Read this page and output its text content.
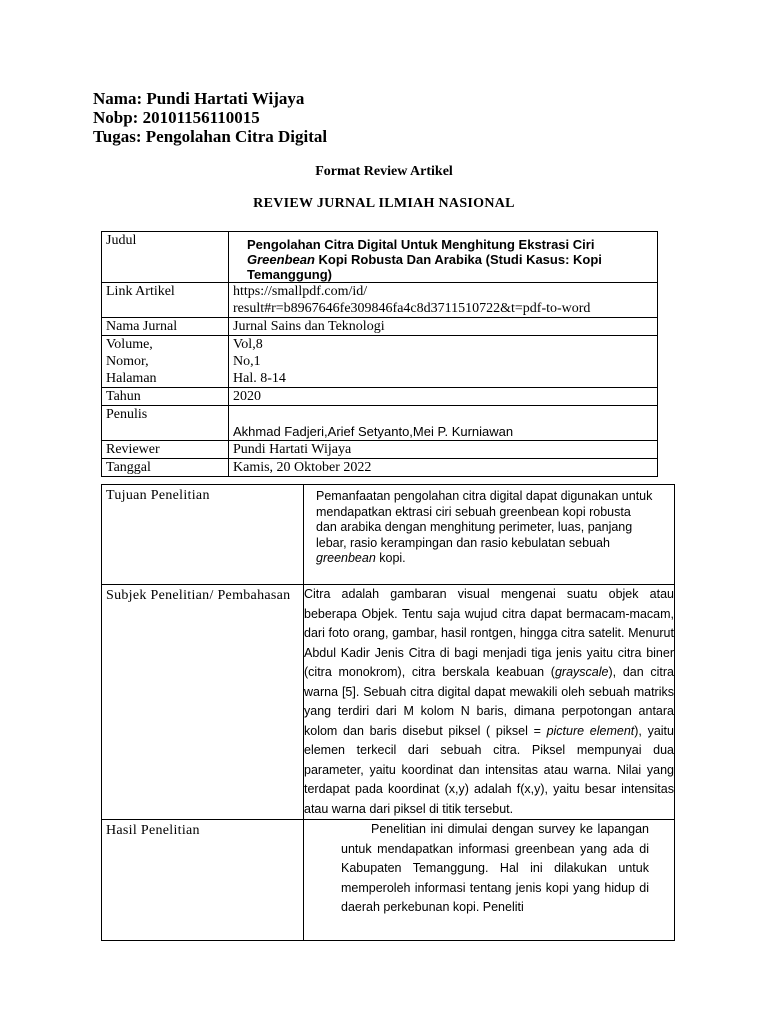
Nama: Pundi Hartati Wijaya
Nobp: 20101156110015
Tugas: Pengolahan Citra Digital
Format Review Artikel
REVIEW JURNAL ILMIAH NASIONAL
Judul	Pengolahan Citra Digital Untuk Menghitung Ekstrasi Ciri
Greenbean Kopi Robusta Dan Arabika (Studi Kasus: Kopi Temanggung)
Link Artikel	https://smallpdf.com/id/
result#r=b8967646fe309846fa4c8d3711510722&t=pdf-to-word
Nama Jurnal	Jurnal Sains dan Teknologi
Volume,
Nomor,
Halaman	Vol,8
No,1
Hal. 8-14
Tahun	2020
Penulis	Akhmad Fadjeri,Arief Setyanto,Mei P. Kurniawan
Reviewer	Pundi Hartati Wijaya
Tanggal	Kamis, 20 Oktober 2022
Tujuan Penelitian	Pemanfaatan pengolahan citra digital dapat digunakan untuk mendapatkan ektrasi ciri sebuah greenbean kopi robusta dan arabika dengan menghitung perimeter, luas, panjang lebar, rasio kerampingan dan rasio kebulatan sebuah greenbean kopi.
Subjek Penelitian/ Pembahasan	Citra adalah gambaran visual mengenai suatu objek atau beberapa Objek. Tentu saja wujud citra dapat bermacam-macam, dari foto orang, gambar, hasil rontgen, hingga citra satelit. Menurut Abdul Kadir Jenis Citra di bagi menjadi tiga jenis yaitu citra biner (citra monokrom), citra berskala keabuan (grayscale), dan citra warna [5]. Sebuah citra digital dapat mewakili oleh sebuah matriks yang terdiri dari M kolom N baris, dimana perpotongan antara kolom dan baris disebut piksel ( piksel = picture element), yaitu elemen terkecil dari sebuah citra. Piksel mempunyai dua parameter, yaitu koordinat dan intensitas atau warna. Nilai yang terdapat pada koordinat (x,y) adalah f(x,y), yaitu besar intensitas atau warna dari piksel di titik tersebut.
Hasil Penelitian	Penelitian ini dimulai dengan survey ke lapangan untuk mendapatkan informasi greenbean yang ada di Kabupaten Temanggung. Hal ini dilakukan untuk memperoleh informasi tentang jenis kopi yang hidup di daerah perkebunan kopi. Peneliti
